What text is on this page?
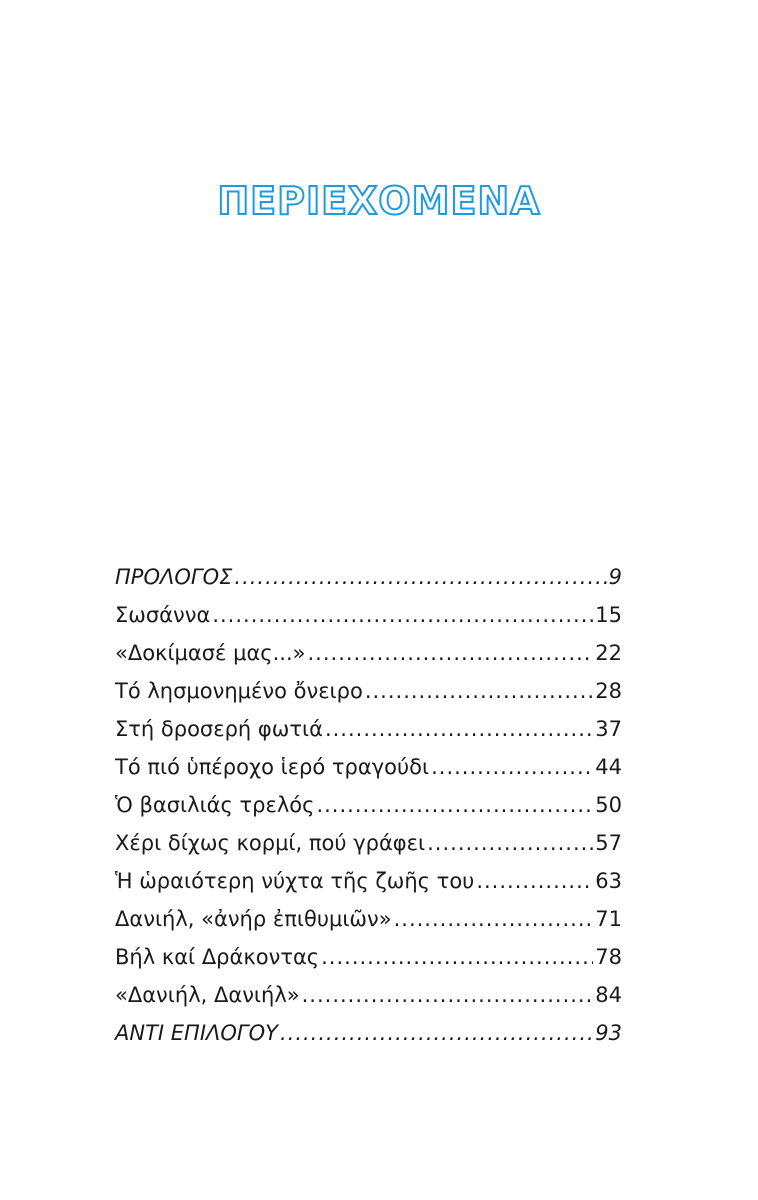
ΠΕΡΙΕΧΟΜΕΝΑ
ΠΡΟΛΟΓΟΣ .....	9
Σωσάννα .....	15
«Δοκίμασέ μας...» .....	22
Τό λησμονημένο ὄνειρο .....	28
Στή δροσερή φωτιά .....	37
Τό πιό ὑπέροχο ἱερό τραγούδι .....	44
Ὁ βασιλιάς τρελός .....	50
Χέρι δίχως κορμί, πού γράφει .....	57
Ἡ ὡραιότερη νύχτα τῆς ζωῆς του .....	63
Δανιήλ, «ἀνήρ ἐπιθυμιῶν» .....	71
Βήλ καί Δράκοντας .....	78
«Δανιήλ, Δανιήλ» .....	84
ΑΝΤΙ ΕΠΙΛΟΓΟΥ .....	93
